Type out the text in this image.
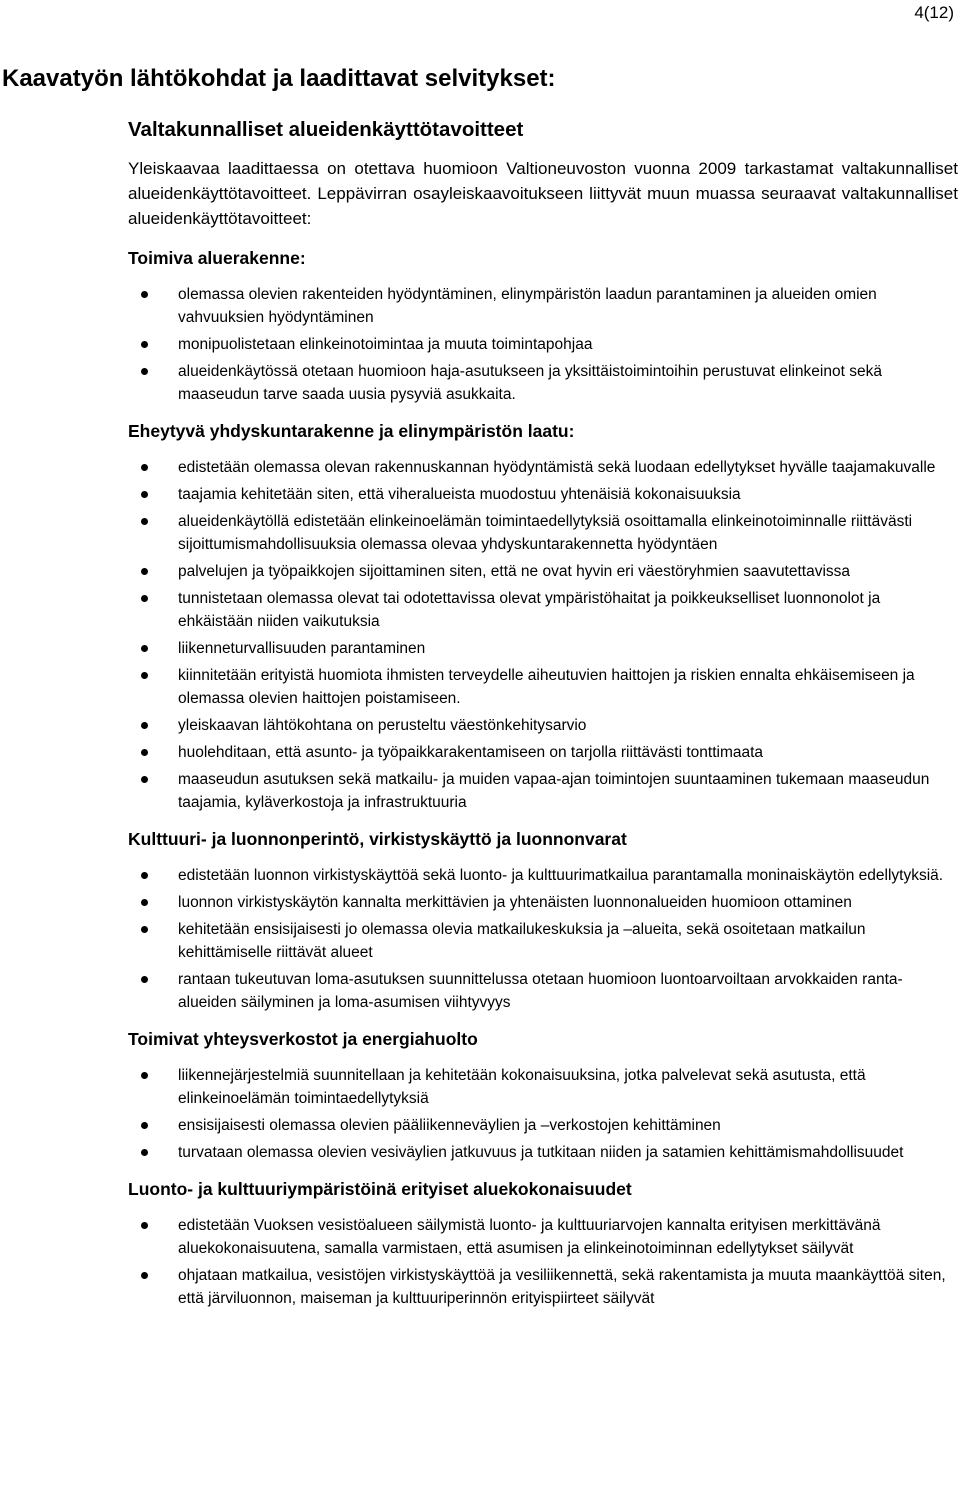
4(12)
Kaavatyön lähtökohdat ja laadittavat selvitykset:
Valtakunnalliset alueidenkäyttötavoitteet

Yleiskaavaa laadittaessa on otettava huomioon Valtioneuvoston vuonna 2009 tarkastamat valtakunnalliset alueidenkäyttötavoitteet. Leppävirran osayleiskaavoitukseen liittyvät muun muassa seuraavat valtakunnalliset alueidenkäyttötavoitteet:

Toimiva aluerakenne:
olemassa olevien rakenteiden hyödyntäminen, elinympäristön laadun parantaminen ja alueiden omien vahvuuksien hyödyntäminen
monipuolistetaan elinkeinotoimintaa ja muuta toimintapohjaa
alueidenkäytössä otetaan huomioon haja-asutukseen ja yksittäistoimintoihin perustuvat elinkeinot sekä maaseudun tarve saada uusia pysyviä asukkaita.
Eheytyvä yhdyskuntarakenne ja elinympäristön laatu:
edistetään olemassa olevan rakennuskannan hyödyntämistä sekä luodaan edellytykset hyvälle taajamakuvalle
taajamia kehitetään siten, että viheralueista muodostuu yhtenäisiä kokonaisuuksia
alueidenkäytöllä edistetään elinkeinoelämän toimintaedellytyksiä osoittamalla elinkeinotoiminnalle riittävästi sijoittumismahdollisuuksia olemassa olevaa yhdyskuntarakennetta hyödyntäen
palvelujen ja työpaikkojen sijoittaminen siten, että ne ovat hyvin eri väestöryhmien saavutettavissa
tunnistetaan olemassa olevat tai odotettavissa olevat ympäristöhaitat ja poikkeukselliset luonnonolot ja ehkäistään niiden vaikutuksia
liikenneturvallisuuden parantaminen
kiinnitetään erityistä huomiota ihmisten terveydelle aiheutuvien haittojen ja riskien ennalta ehkäisemiseen ja olemassa olevien haittojen poistamiseen.
yleiskaavan lähtökohtana on perusteltu väestönkehitysarvio
huolehditaan, että asunto- ja työpaikkarakentamiseen on tarjolla riittävästi tonttimaata
maaseudun asutuksen sekä matkailu- ja muiden vapaa-ajan toimintojen suuntaaminen tukemaan maaseudun taajamia, kyläverkostoja ja infrastruktuuria
Kulttuuri- ja luonnonperintö, virkistyskäyttö ja luonnonvarat
edistetään luonnon virkistyskäyttöä sekä luonto- ja kulttuurimatkailua parantamalla moninaiskäytön edellytyksiä.
luonnon virkistyskäytön kannalta merkittävien ja yhtenäisten luonnonalueiden huomioon ottaminen
kehitetään ensisijaisesti jo olemassa olevia matkailukeskuksia ja –alueita, sekä osoitetaan matkailun kehittämiselle riittävät alueet
rantaan tukeutuvan loma-asutuksen suunnittelussa otetaan huomioon luontoarvoiltaan arvokkaiden ranta-alueiden säilyminen ja loma-asumisen viihtyvyys
Toimivat yhteysverkostot ja energiahuolto
liikennejärjestelmiä suunnitellaan ja kehitetään kokonaisuuksina, jotka palvelevat sekä asutusta, että elinkeinoelämän toimintaedellytyksiä
ensisijaisesti olemassa olevien pääliikenneväylien ja –verkostojen kehittäminen
turvataan olemassa olevien vesiväylien jatkuvuus ja tutkitaan niiden ja satamien kehittämismahdollisuudet
Luonto- ja kulttuuriympäristöinä erityiset aluekokonaisuudet
edistetään Vuoksen vesistöalueen säilymistä luonto- ja kulttuuriarvojen kannalta erityisen merkittävänä aluekokonaisuutena, samalla varmistaen, että asumisen ja elinkeinotoiminnan edellytykset säilyvät
ohjataan matkailua, vesistöjen virkistyskäyttöä ja vesiliikennettä, sekä rakentamista ja muuta maankäyttöä siten, että järviluonnon, maiseman ja kulttuuriperinnön erityispiirteet säilyvät
